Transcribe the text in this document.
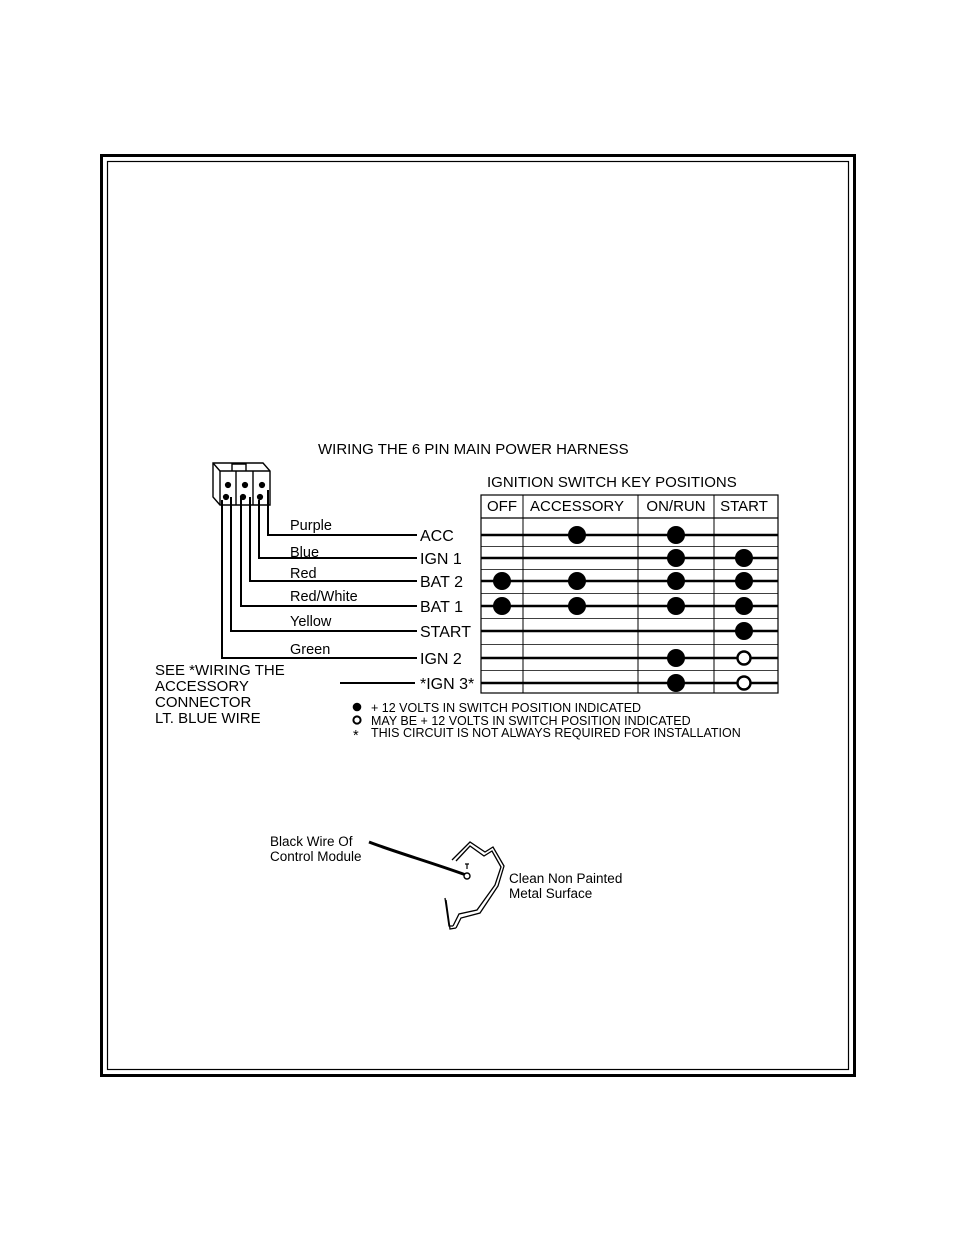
WIRING THE 6 PIN MAIN POWER HARNESS
Purple
Blue
Red
Red/White
Yellow
Green
ACC
IGN 1
BAT 2
BAT 1
START
IGN 2
*IGN 3*
SEE *WIRING THE
ACCESSORY
CONNECTOR
LT. BLUE WIRE
IGNITION SWITCH KEY POSITIONS
OFF ACCESSORY ON/RUN START
*
+ 12 VOLTS IN SWITCH POSITION INDICATED
MAY BE + 12 VOLTS IN SWITCH POSITION INDICATED
THIS CIRCUIT IS NOT ALWAYS REQUIRED FOR INSTALLATION
Black Wire Of
Control Module
Clean Non Painted
Metal Surface
